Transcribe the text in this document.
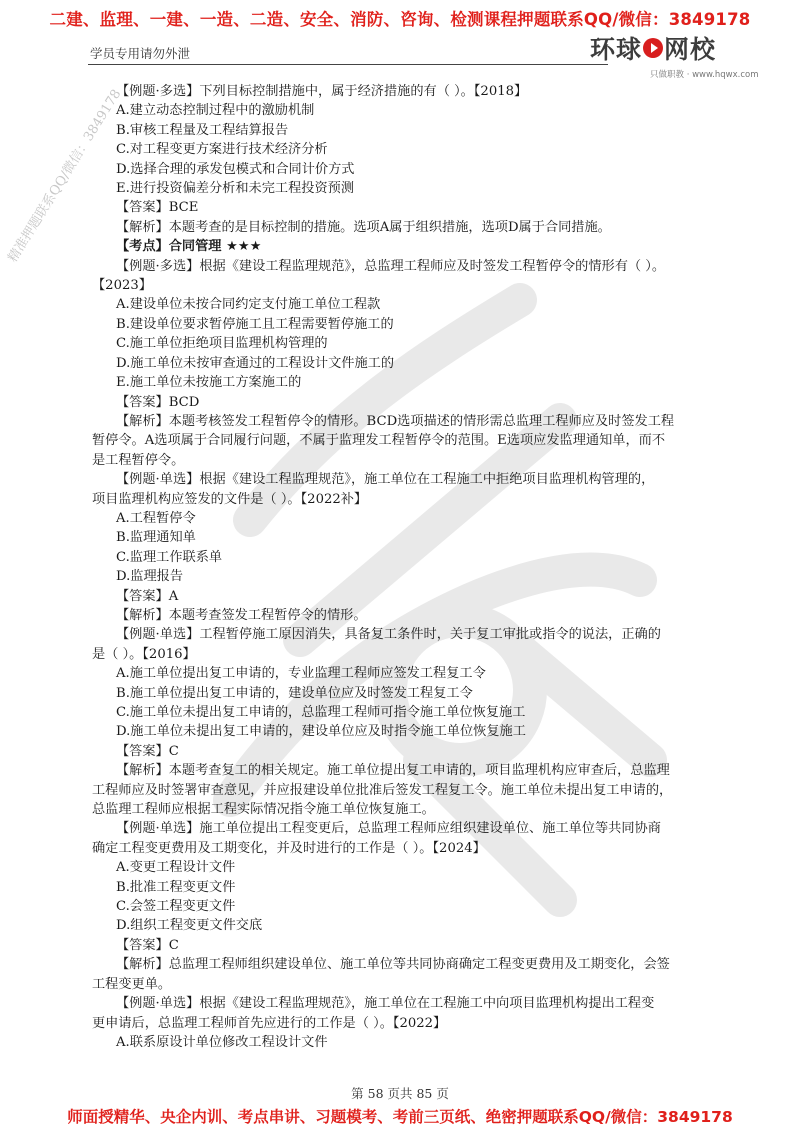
精准押题联系QQ/微信：3849178
二建、监理、一建、一造、二造、安全、消防、咨询、检测课程押题联系QQ/微信：3849178
学员专用请勿外泄	环球 网校
只做职教 · www.hqwx.com
【例题·多选】下列目标控制措施中，属于经济措施的有（ ）。【2018】
A.建立动态控制过程中的激励机制
B.审核工程量及工程结算报告
C.对工程变更方案进行技术经济分析
D.选择合理的承发包模式和合同计价方式
E.进行投资偏差分析和未完工程投资预测
【答案】BCE
【解析】本题考查的是目标控制的措施。选项A属于组织措施，选项D属于合同措施。
【考点】合同管理 ★★★
【例题·多选】根据《建设工程监理规范》，总监理工程师应及时签发工程暂停令的情形有（ ）。
【2023】
A.建设单位未按合同约定支付施工单位工程款
B.建设单位要求暂停施工且工程需要暂停施工的
C.施工单位拒绝项目监理机构管理的
D.施工单位未按审查通过的工程设计文件施工的
E.施工单位未按施工方案施工的
【答案】BCD
【解析】本题考核签发工程暂停令的情形。BCD选项描述的情形需总监理工程师应及时签发工程
暂停令。A选项属于合同履行问题，不属于监理发工程暂停令的范围。E选项应发监理通知单，而不
是工程暂停令。
【例题·单选】根据《建设工程监理规范》，施工单位在工程施工中拒绝项目监理机构管理的，
项目监理机构应签发的文件是（ ）。【2022补】
A.工程暂停令
B.监理通知单
C.监理工作联系单
D.监理报告
【答案】A
【解析】本题考查签发工程暂停令的情形。
【例题·单选】工程暂停施工原因消失，具备复工条件时，关于复工审批或指令的说法，正确的
是（ ）。【2016】
A.施工单位提出复工申请的，专业监理工程师应签发工程复工令
B.施工单位提出复工申请的，建设单位应及时签发工程复工令
C.施工单位未提出复工申请的，总监理工程师可指令施工单位恢复施工
D.施工单位未提出复工申请的，建设单位应及时指令施工单位恢复施工
【答案】C
【解析】本题考查复工的相关规定。施工单位提出复工申请的，项目监理机构应审查后，总监理
工程师应及时签署审查意见，并应报建设单位批准后签发工程复工令。施工单位未提出复工申请的，
总监理工程师应根据工程实际情况指令施工单位恢复施工。
【例题·单选】施工单位提出工程变更后，总监理工程师应组织建设单位、施工单位等共同协商
确定工程变更费用及工期变化，并及时进行的工作是（ ）。【2024】
A.变更工程设计文件
B.批准工程变更文件
C.会签工程变更文件
D.组织工程变更文件交底
【答案】C
【解析】总监理工程师组织建设单位、施工单位等共同协商确定工程变更费用及工期变化，会签
工程变更单。
【例题·单选】根据《建设工程监理规范》，施工单位在工程施工中向项目监理机构提出工程变
更申请后，总监理工程师首先应进行的工作是（ ）。【2022】
A.联系原设计单位修改工程设计文件
第 58 页共 85 页
师面授精华、央企内训、考点串讲、习题模考、考前三页纸、绝密押题联系QQ/微信：3849178
